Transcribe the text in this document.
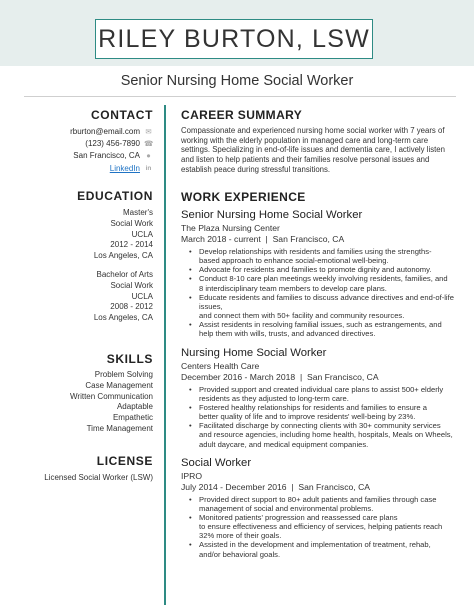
RILEY BURTON, LSW
Senior Nursing Home Social Worker
CONTACT
rburton@email.com ✉
(123) 456-7890 ☎
San Francisco, CA ●
LinkedIn in
EDUCATION
Master's
Social Work
UCLA
2012 - 2014
Los Angeles, CA
Bachelor of Arts
Social Work
UCLA
2008 - 2012
Los Angeles, CA
SKILLS
Problem Solving
Case Management
Written Communication
Adaptable
Empathetic
Time Management
LICENSE
Licensed Social Worker (LSW)
CAREER SUMMARY
Compassionate and experienced nursing home social worker with 7 years of
working with the elderly population in managed care and long-term care
settings. Specializing in end-of-life issues and dementia care, I actively listen
and listen to help patients and their families resolve personal issues and
establish peace during stressful transitions.
WORK EXPERIENCE
Senior Nursing Home Social Worker
The Plaza Nursing Center
March 2018 - current  |  San Francisco, CA
• Develop relationships with residents and families using the strengths-
based approach to enhance social-emotional well-being.
• Advocate for residents and families to promote dignity and autonomy.
• Conduct 8-10 care plan meetings weekly involving residents, families, and
8 interdisciplinary team members to develop care plans.
• Educate residents and families to discuss advance directives and end-of-life issues,
and connect them with 50+ facility and community resources.
• Assist residents in resolving familial issues, such as estrangements, and
help them with wills, trusts, and advanced directives.
Nursing Home Social Worker
Centers Health Care
December 2016 - March 2018  |  San Francisco, CA
• Provided support and created individual care plans to assist 500+ elderly
residents as they adjusted to long-term care.
• Fostered healthy relationships for residents and families to ensure a
better quality of life and to improve residents' well-being by 23%.
• Facilitated discharge by connecting clients with 30+ community services
and resource agencies, including home health, hospitals, Meals on Wheels,
adult daycare, and medical equipment companies.
Social Worker
IPRO
July 2014 - December 2016  |  San Francisco, CA
• Provided direct support to 80+ adult patients and families through case
management of social and environmental problems.
• Monitored patients' progression and reassessed care plans
to ensure effectiveness and efficiency of services, helping patients reach
32% more of their goals.
• Assisted in the development and implementation of treatment, rehab,
and/or behavioral goals.
